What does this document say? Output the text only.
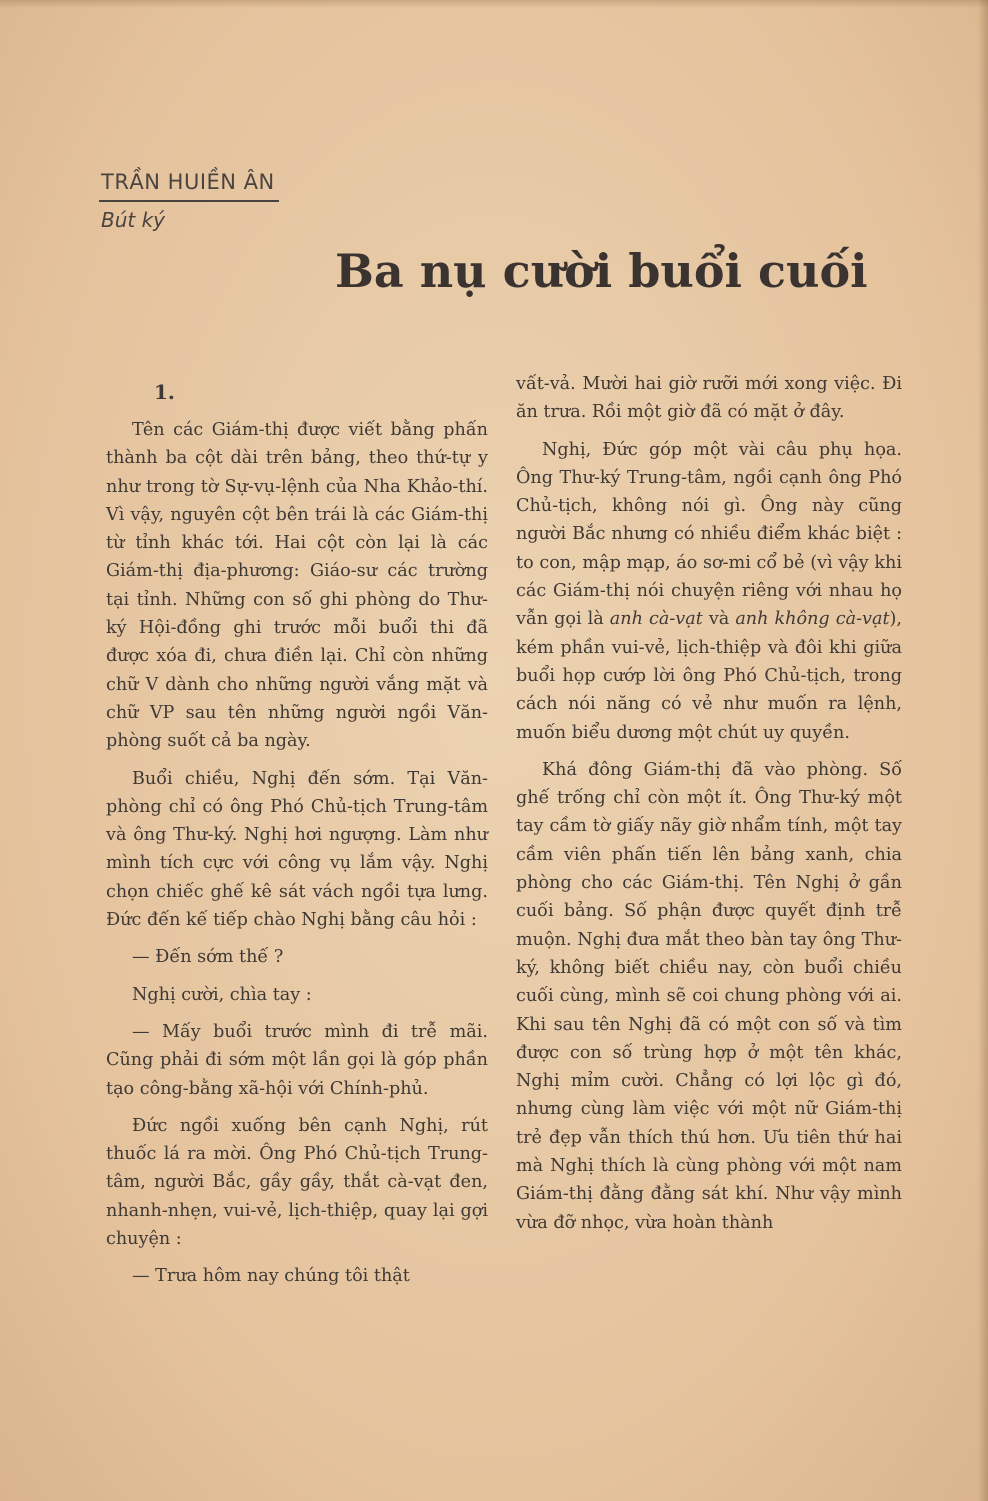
TRẦN HUIỀN ÂN
Bút ký
Ba nụ cười buổi cuối
1.

Tên các Giám-thị được viết bằng phấn thành ba cột dài trên bảng, theo thứ-tự y như trong tờ Sự-vụ-lệnh của Nha Khảo-thí. Vì vậy, nguyên cột bên trái là các Giám-thị từ tỉnh khác tới. Hai cột còn lại là các Giám-thị địa-phương: Giáo-sư các trường tại tỉnh. Những con số ghi phòng do Thư-ký Hội-đồng ghi trước mỗi buổi thi đã được xóa đi, chưa điền lại. Chỉ còn những chữ V dành cho những người vắng mặt và chữ VP sau tên những người ngồi Văn-phòng suốt cả ba ngày.

Buổi chiều, Nghị đến sớm. Tại Văn-phòng chỉ có ông Phó Chủ-tịch Trung-tâm và ông Thư-ký. Nghị hơi ngượng. Làm như mình tích cực với công vụ lắm vậy. Nghị chọn chiếc ghế kê sát vách ngồi tựa lưng. Đức đến kế tiếp chào Nghị bằng câu hỏi :

— Đến sớm thế ?

Nghị cười, chìa tay :

— Mấy buổi trước mình đi trễ mãi. Cũng phải đi sớm một lần gọi là góp phần tạo công-bằng xã-hội với Chính-phủ.

Đức ngồi xuống bên cạnh Nghị, rút thuốc lá ra mời. Ông Phó Chủ-tịch Trung-tâm, người Bắc, gầy gầy, thắt cà-vạt đen, nhanh-nhẹn, vui-vẻ, lịch-thiệp, quay lại gợi chuyện :

— Trưa hôm nay chúng tôi thật

vất-vả. Mười hai giờ rưỡi mới xong việc. Đi ăn trưa. Rồi một giờ đã có mặt ở đây.

Nghị, Đức góp một vài câu phụ họa. Ông Thư-ký Trung-tâm, ngồi cạnh ông Phó Chủ-tịch, không nói gì. Ông này cũng người Bắc nhưng có nhiều điểm khác biệt : to con, mập mạp, áo sơ-mi cổ bẻ (vì vậy khi các Giám-thị nói chuyện riêng với nhau họ vẫn gọi là anh cà-vạt và anh không cà-vạt), kém phần vui-vẻ, lịch-thiệp và đôi khi giữa buổi họp cướp lời ông Phó Chủ-tịch, trong cách nói năng có vẻ như muốn ra lệnh, muốn biểu dương một chút uy quyền.

Khá đông Giám-thị đã vào phòng. Số ghế trống chỉ còn một ít. Ông Thư-ký một tay cầm tờ giấy nãy giờ nhẩm tính, một tay cầm viên phấn tiến lên bảng xanh, chia phòng cho các Giám-thị. Tên Nghị ở gần cuối bảng. Số phận được quyết định trễ muộn. Nghị đưa mắt theo bàn tay ông Thư-ký, không biết chiều nay, còn buổi chiều cuối cùng, mình sẽ coi chung phòng với ai. Khi sau tên Nghị đã có một con số và tìm được con số trùng hợp ở một tên khác, Nghị mỉm cười. Chẳng có lợi lộc gì đó, nhưng cùng làm việc với một nữ Giám-thị trẻ đẹp vẫn thích thú hơn. Ưu tiên thứ hai mà Nghị thích là cùng phòng với một nam Giám-thị đằng đằng sát khí. Như vậy mình vừa đỡ nhọc, vừa hoàn thành
